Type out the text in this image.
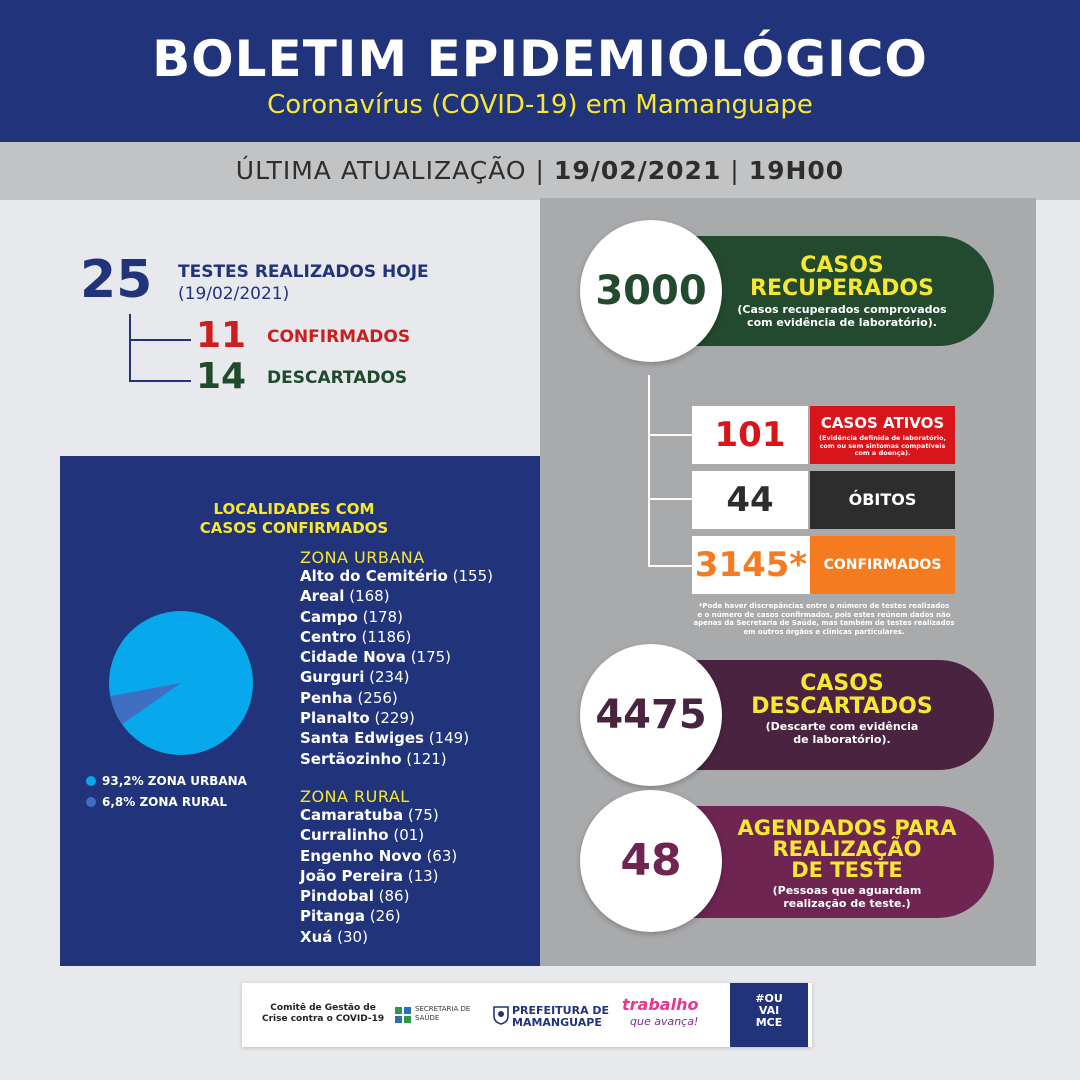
BOLETIM EPIDEMIOLÓGICO
Coronavírus (COVID-19) em Mamanguape
ÚLTIMA ATUALIZAÇÃO | 19/02/2021 | 19H00
25 TESTES REALIZADOS HOJE
(19/02/2021)
11 CONFIRMADOS
14 DESCARTADOS
LOCALIDADES COM
CASOS CONFIRMADOS
93,2% ZONA URBANA
6,8% ZONA RURAL
ZONA URBANA
Alto do Cemitério (155)
Areal (168)
Campo (178)
Centro (1186)
Cidade Nova (175)
Gurguri (234)
Penha (256)
Planalto (229)
Santa Edwiges (149)
Sertãozinho (121)
ZONA RURAL
Camaratuba (75)
Curralinho (01)
Engenho Novo (63)
João Pereira (13)
Pindobal (86)
Pitanga (26)
Xuá (30)
3000
CASOS
RECUPERADOS
(Casos recuperados comprovados
com evidência de laboratório).
101	CASOS ATIVOS
(Evidência definida de laboratório,
com ou sem sintomas compatíveis
com a doença).
44	ÓBITOS
3145*	CONFIRMADOS
*Pode haver discrepâncias entre o número de testes realizados
e o número de casos confirmados, pois estes reúnem dados não
apenas da Secretaria de Saúde, mas também de testes realizados
em outros órgãos e clínicas particulares.
4475
CASOS
DESCARTADOS
(Descarte com evidência
de laboratório).
48
AGENDADOS PARA
REALIZAÇÃO
DE TESTE
(Pessoas que aguardam
realização de teste.)
Comitê de Gestão de
Crise contra o COVID-19
SECRETARIA DE
SAÚDE
PREFEITURA DE
MAMANGUAPE
trabalho
que avança!
#OU
VAI
MCE
